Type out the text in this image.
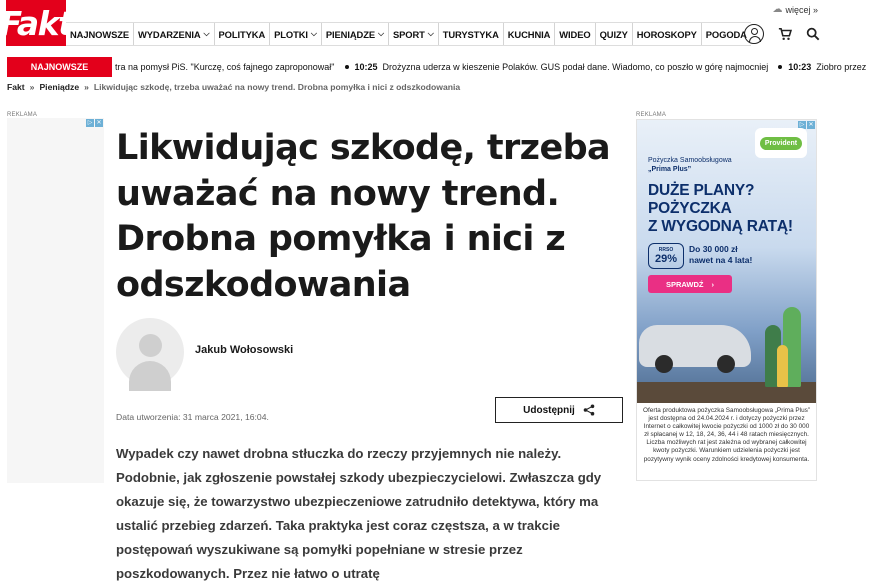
Fakt	☁ więcej »
NAJNOWSZE WYDARZENIA ⌵ POLITYKA PLOTKI ⌵ PIENIĄDZE ⌵ SPORT ⌵ TURYSTYKA KUCHNIA WIDEO QUIZY HOROSKOPY POGODA
NAJNOWSZE	tra na pomysł PiS. "Kurczę, coś fajnego zaproponował" 10:25 Drożyzna uderza w kieszenie Polaków. GUS podał dane. Wiadomo, co poszło w górę najmocniej 10:23 Ziobro przez
Fakt » Pieniądze » Likwidując szkodę, trzeba uważać na nowy trend. Drobna pomyłka i nici z odszkodowania
REKLAMA
▷ ✕
Likwidując szkodę, trzeba uważać na nowy trend. Drobna pomyłka i nici z odszkodowania
Jakub Wołosowski
Data utworzenia: 31 marca 2021, 16:04.
Udostępnij

Wypadek czy nawet drobna stłuczka do rzeczy przyjemnych nie należy. Podobnie, jak zgłoszenie powstałej szkody ubezpieczycielowi. Zwłaszcza gdy okazuje się, że towarzystwo ubezpieczeniowe zatrudniło detektywa, który ma ustalić przebieg zdarzeń. Taka praktyka jest coraz częstsza, a w trakcie postępowań wyszukiwane są pomyłki popełniane w stresie przez poszkodowanych. Przez nie łatwo o utratę

REKLAMA
▷ ✕
Provident
Pożyczka Samoobsługowa
„Prima Plus”
DUŻE PLANY?
POŻYCZKA
Z WYGODNĄ RATĄ!
RRSO
29%
Do 30 000 zł
nawet na 4 lata!
SPRAWDŹ ›
Oferta produktowa pożyczka Samoobsługowa „Prima Plus” jest dostępna od 24.04.2024 r. i dotyczy pożyczki przez Internet o całkowitej kwocie pożyczki od 1000 zł do 30 000 zł spłacanej w 12, 18, 24, 36, 44 i 48 ratach miesięcznych. Liczba możliwych rat jest zależna od wybranej całkowitej kwoty pożyczki. Warunkiem udzielenia pożyczki jest pozytywny wynik oceny zdolności kredytowej konsumenta.
